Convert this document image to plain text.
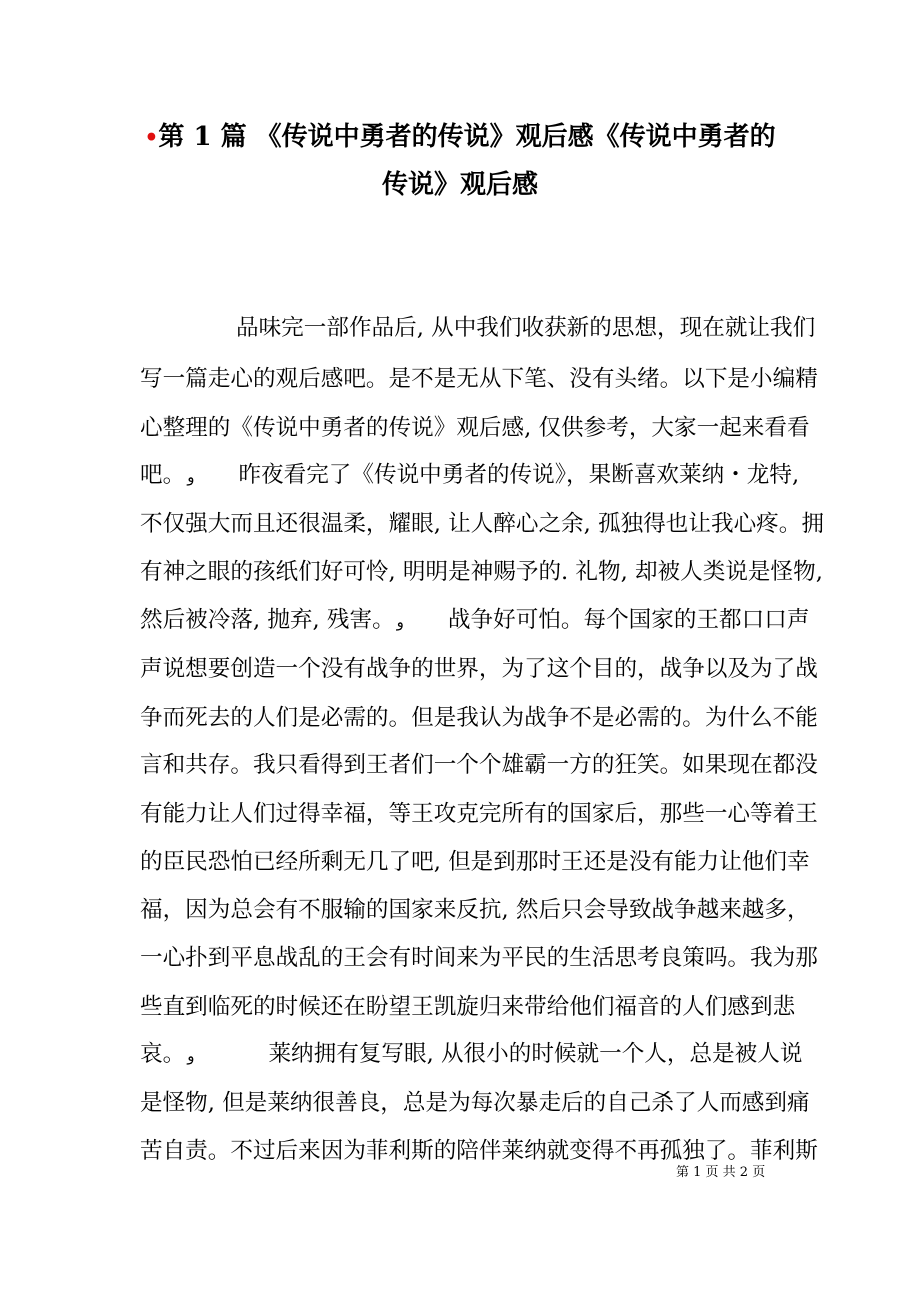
•第 1 篇 《传说中勇者的传说》观后感《传说中勇者的
传说》观后感
品味完一部作品后, 从中我们收获新的思想，现在就让我们
写一篇走心的观后感吧。是不是无从下笔、没有头绪。以下是小编精
心整理的《传说中勇者的传说》观后感, 仅供参考，大家一起来看看
吧。 و 昨夜看完了《传说中勇者的传说》，果断喜欢莱纳・龙特,
不仅强大而且还很温柔，耀眼, 让人醉心之余, 孤独得也让我心疼。拥
有神之眼的孩纸们好可怜, 明明是神赐予的. 礼物, 却被人类说是怪物,
然后被冷落, 抛弃, 残害。 و 战争好可怕。每个国家的王都口口声
声说想要创造一个没有战争的世界，为了这个目的，战争以及为了战
争而死去的人们是必需的。但是我认为战争不是必需的。为什么不能
言和共存。我只看得到王者们一个个雄霸一方的狂笑。如果现在都没
有能力让人们过得幸福，等王攻克完所有的国家后，那些一心等着王
的臣民恐怕已经所剩无几了吧, 但是到那时王还是没有能力让他们幸
福，因为总会有不服输的国家来反抗, 然后只会导致战争越来越多，
一心扑到平息战乱的王会有时间来为平民的生活思考良策吗。我为那
些直到临死的时候还在盼望王凯旋归来带给他们福音的人们感到悲
哀。 و	莱纳拥有复写眼, 从很小的时候就一个人，总是被人说
是怪物, 但是莱纳很善良，总是为每次暴走后的自己杀了人而感到痛
苦自责。不过后来因为菲利斯的陪伴莱纳就变得不再孤独了。菲利斯
第 1 页 共 2 页
